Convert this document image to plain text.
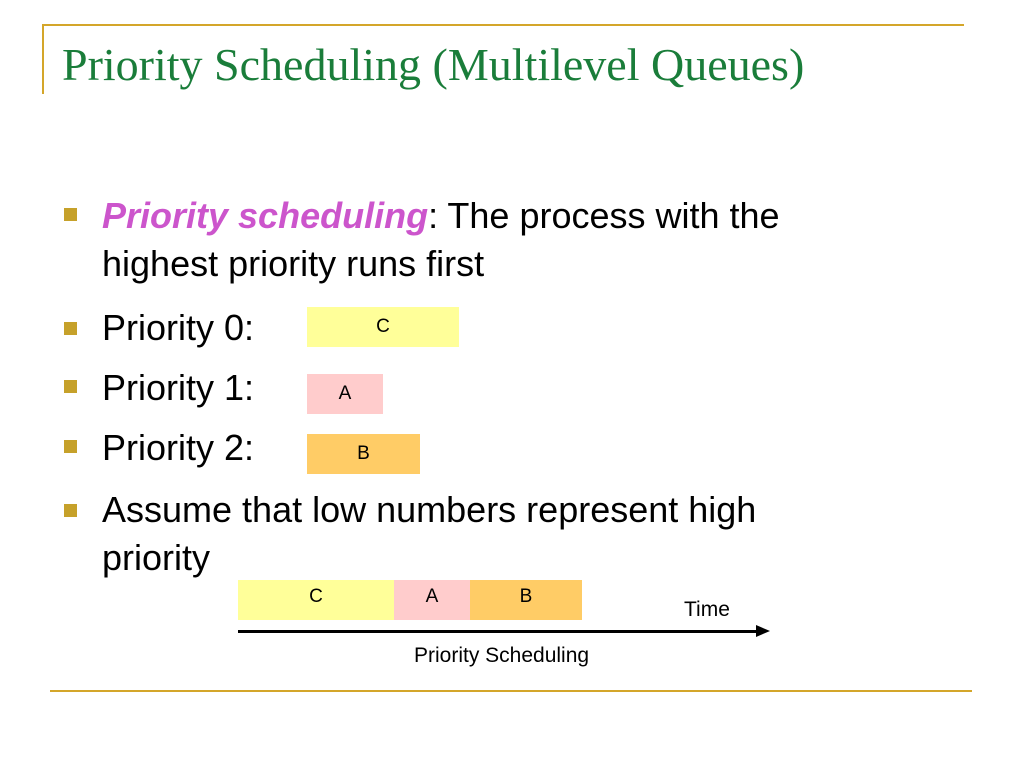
Priority Scheduling (Multilevel Queues)
Priority scheduling: The process with the
highest priority runs first
Priority 0:
Priority 1:
Priority 2:
Assume that low numbers represent high
priority
C
A
B
C	A	B
Time
Priority Scheduling
